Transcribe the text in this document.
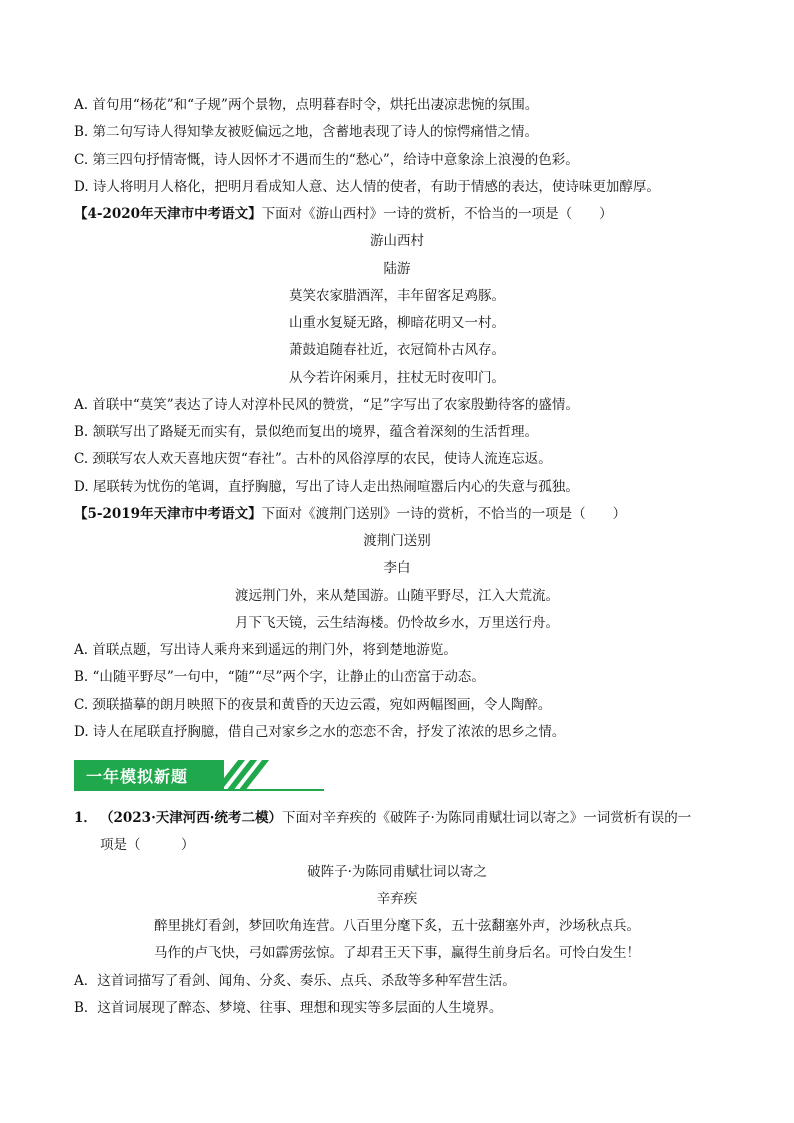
A. 首句用“杨花”和“子规”两个景物，点明暮春时令，烘托出凄凉悲惋的氛围。
B. 第二句写诗人得知挚友被贬偏远之地，含蓄地表现了诗人的惊愕痛惜之情。
C. 第三四句抒情寄慨，诗人因怀才不遇而生的“愁心”，给诗中意象涂上浪漫的色彩。
D. 诗人将明月人格化，把明月看成知人意、达人情的使者，有助于情感的表达，使诗味更加醇厚。
【4-2020年天津市中考语文】下面对《游山西村》一诗的赏析，不恰当的一项是（　　）
游山西村
陆游
莫笑农家腊酒浑，丰年留客足鸡豚。
山重水复疑无路，柳暗花明又一村。
萧鼓追随春社近，衣冠简朴古风存。
从今若许闲乘月，拄杖无时夜叩门。
A. 首联中“莫笑”表达了诗人对淳朴民风的赞赏，“足”字写出了农家殷勤待客的盛情。
B. 颔联写出了路疑无而实有，景似绝而复出的境界，蕴含着深刻的生活哲理。
C. 颈联写农人欢天喜地庆贺“春社”。古朴的风俗淳厚的农民，使诗人流连忘返。
D. 尾联转为忧伤的笔调，直抒胸臆，写出了诗人走出热闹喧嚣后内心的失意与孤独。
【5-2019年天津市中考语文】下面对《渡荆门送别》一诗的赏析，不恰当的一项是（　　）
渡荆门送别
李白
渡远荆门外，来从楚国游。山随平野尽，江入大荒流。
月下飞天镜，云生结海楼。仍怜故乡水，万里送行舟。
A. 首联点题，写出诗人乘舟来到遥远的荆门外，将到楚地游览。
B. “山随平野尽”一句中，“随”“尽”两个字，让静止的山峦富于动态。
C. 颈联描摹的朗月映照下的夜景和黄昏的天边云霞，宛如两幅图画，令人陶醉。
D. 诗人在尾联直抒胸臆，借自己对家乡之水的恋恋不舍，抒发了浓浓的思乡之情。
一年模拟新题
1． （2023·天津河西·统考二模）下面对辛弃疾的《破阵子·为陈同甫赋壮词以寄之》一词赏析有误的一
项是（　　　）
破阵子·为陈同甫赋壮词以寄之
辛弃疾
醉里挑灯看剑，梦回吹角连营。八百里分麾下炙，五十弦翻塞外声，沙场秋点兵。
马作的卢飞快，弓如霹雳弦惊。了却君王天下事，赢得生前身后名。可怜白发生！
A．这首词描写了看剑、闻角、分炙、奏乐、点兵、杀敌等多种军营生活。
B．这首词展现了醉态、梦境、往事、理想和现实等多层面的人生境界。
